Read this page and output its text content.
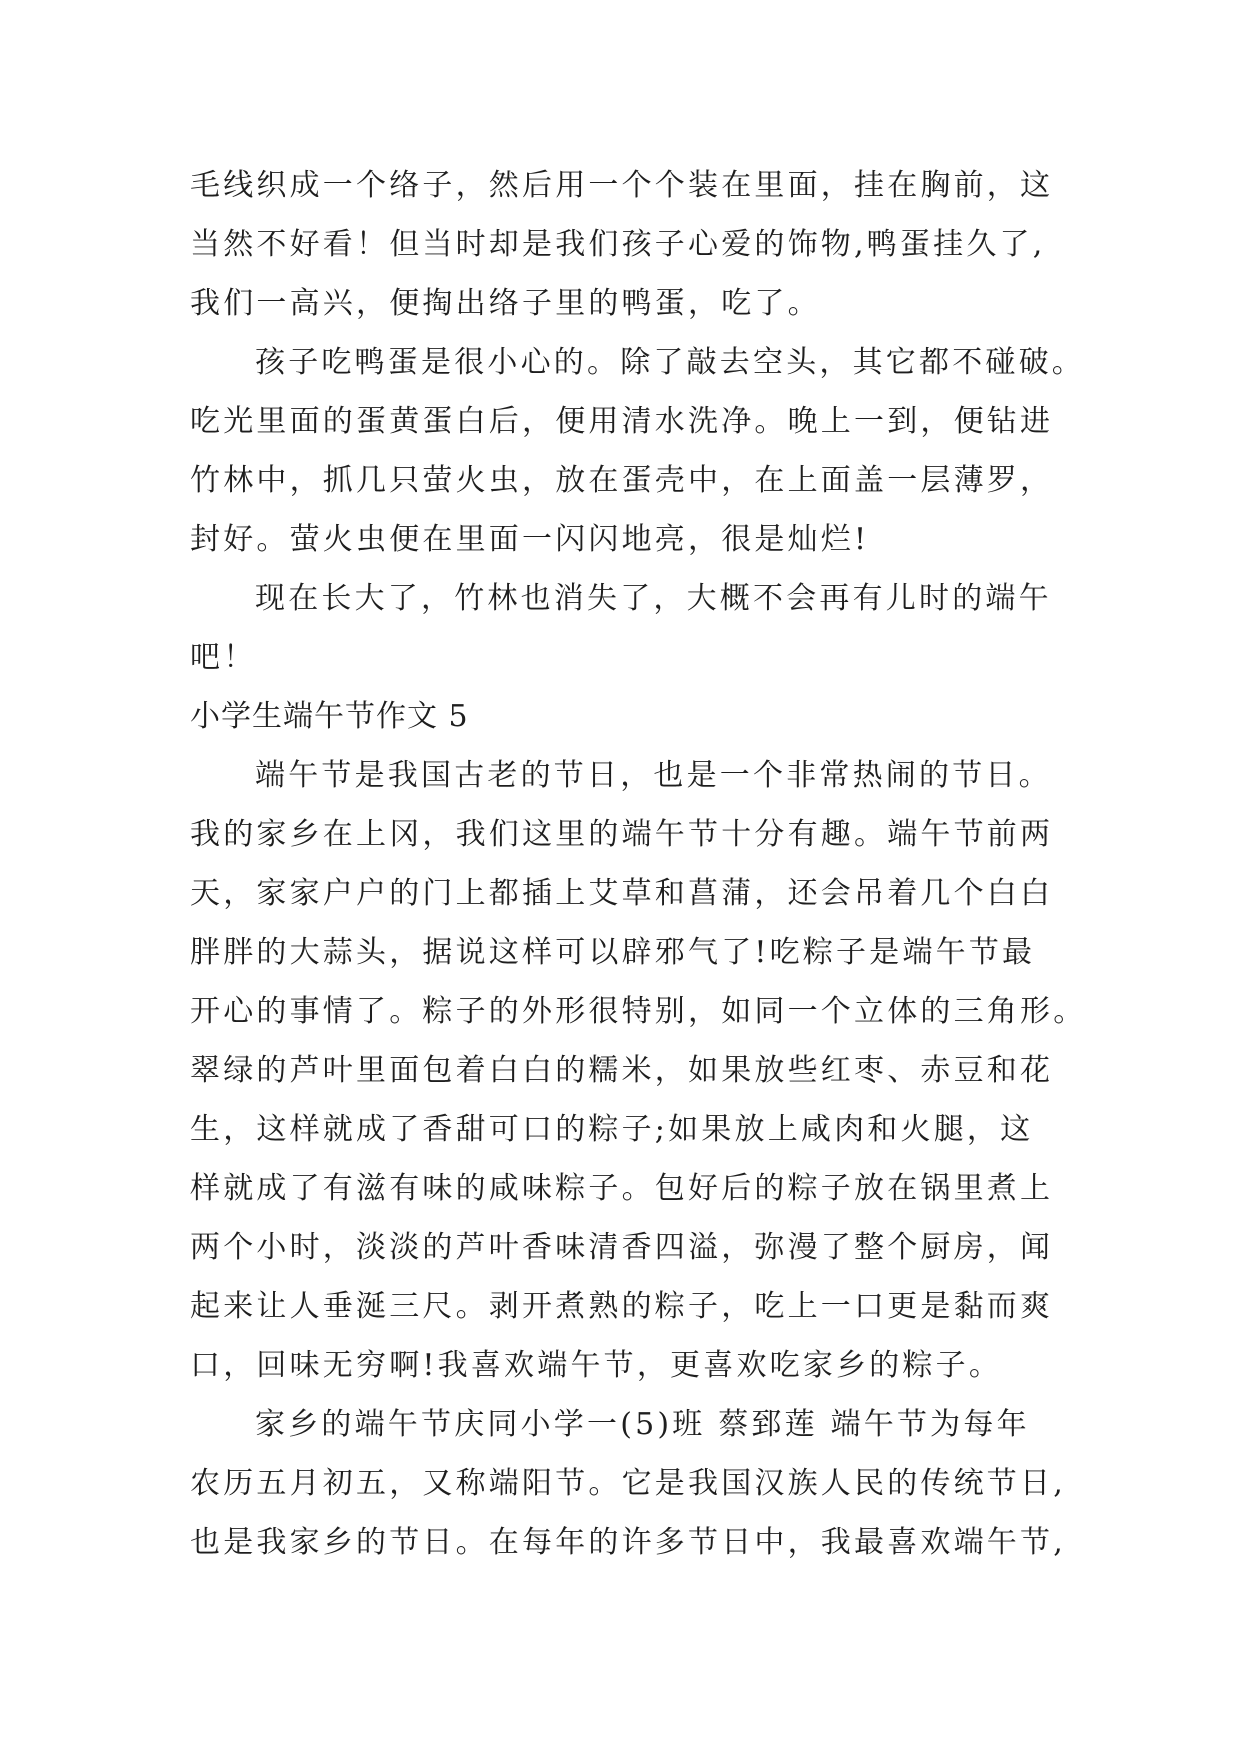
毛线织成一个络子，然后用一个个装在里面，挂在胸前，这

当然不好看！但当时却是我们孩子心爱的饰物,鸭蛋挂久了,

我们一高兴，便掏出络子里的鸭蛋，吃了。

孩子吃鸭蛋是很小心的。除了敲去空头，其它都不碰破。

吃光里面的蛋黄蛋白后，便用清水洗净。晚上一到，便钻进

竹林中，抓几只萤火虫，放在蛋壳中，在上面盖一层薄罗，

封好。萤火虫便在里面一闪闪地亮，很是灿烂!

现在长大了，竹林也消失了，大概不会再有儿时的端午

吧！

小学生端午节作文 5

端午节是我国古老的节日，也是一个非常热闹的节日。

我的家乡在上冈，我们这里的端午节十分有趣。端午节前两

天，家家户户的门上都插上艾草和菖蒲，还会吊着几个白白

胖胖的大蒜头，据说这样可以辟邪气了!吃粽子是端午节最

开心的事情了。粽子的外形很特别，如同一个立体的三角形。

翠绿的芦叶里面包着白白的糯米，如果放些红枣、赤豆和花

生，这样就成了香甜可口的粽子;如果放上咸肉和火腿，这

样就成了有滋有味的咸味粽子。包好后的粽子放在锅里煮上

两个小时，淡淡的芦叶香味清香四溢，弥漫了整个厨房，闻

起来让人垂涎三尺。剥开煮熟的粽子，吃上一口更是黏而爽

口，回味无穷啊!我喜欢端午节，更喜欢吃家乡的粽子。

家乡的端午节庆同小学一(5)班 蔡郅莲 端午节为每年

农历五月初五，又称端阳节。它是我国汉族人民的传统节日,

也是我家乡的节日。在每年的许多节日中，我最喜欢端午节,
